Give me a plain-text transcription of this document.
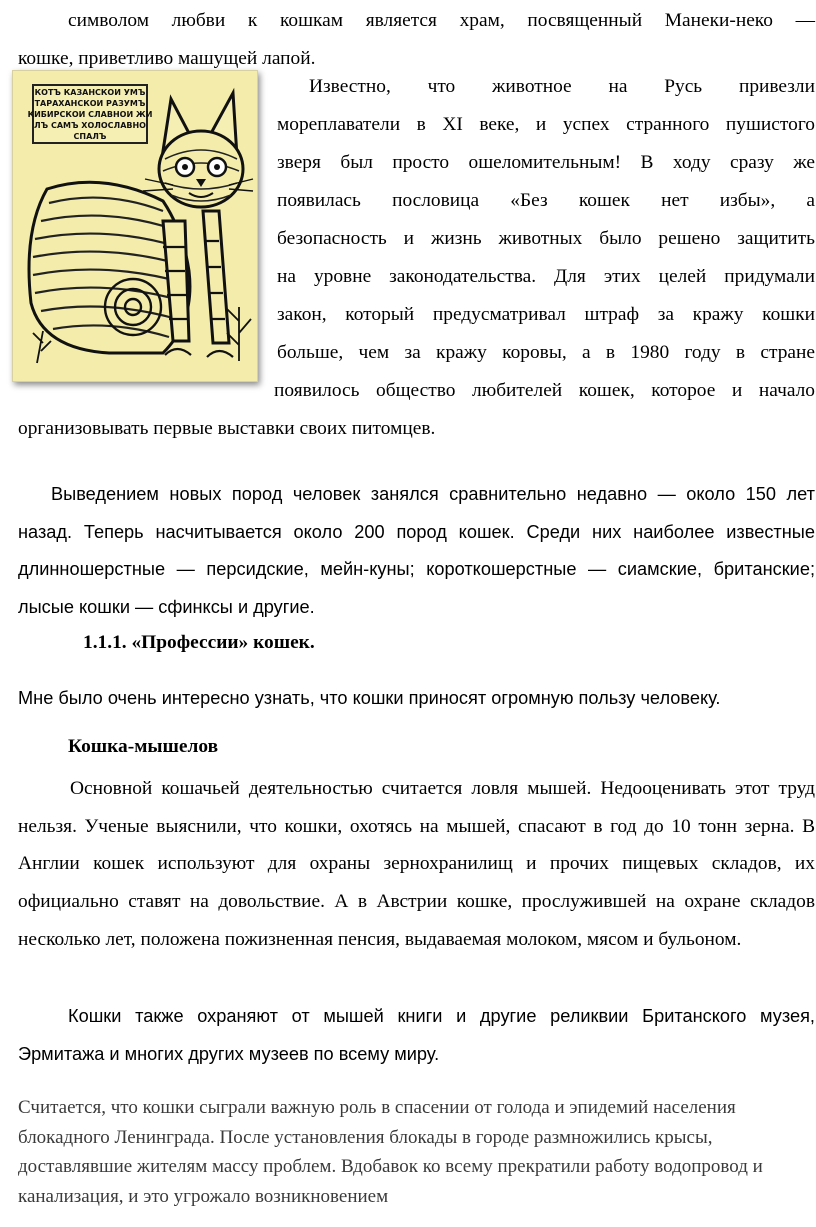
символом любви к кошкам является храм, посвященный Манеки-неко —

кошке, приветливо машущей лапой.

КОТЪ КАЗАНСКОИ УМЪ
ТАРАХАНСКОИ РАЗУМЪ
КИБИРСКОИ СЛАВНОИ ЖИ
ЛЪ САМЪ ХОЛОСЛАВНО
СПАЛЪ

Известно, что животное на Русь привезли

мореплаватели в XI веке, и успех странного пушистого

зверя был просто ошеломительным! В ходу сразу же

появилась пословица «Без кошек нет избы», а

безопасность и жизнь животных было решено защитить

на уровне законодательства. Для этих целей придумали

закон, который предусматривал штраф за кражу кошки

больше, чем за кражу коровы, а в 1980 году в стране

появилось общество любителей кошек, которое и начало

организовывать первые выставки своих питомцев.

Выведением новых пород человек занялся сравнительно недавно — около 150 лет назад. Теперь насчитывается около 200 пород кошек. Среди них наиболее известные длинношерстные — персидские, мейн-куны; короткошерстные — сиамские, британские; лысые кошки — сфинксы и другие.

1.1.1. «Профессии» кошек.

Мне было очень интересно узнать, что кошки приносят огромную пользу человеку.

Кошка-мышелов

Основной кошачьей деятельностью считается ловля мышей. Недооценивать этот труд нельзя. Ученые выяснили, что кошки, охотясь на мышей, спасают в год до 10 тонн зерна. В Англии кошек используют для охраны зернохранилищ и прочих пищевых складов, их официально ставят на довольствие. А в Австрии кошке, прослужившей на охране складов несколько лет, положена пожизненная пенсия, выдаваемая молоком, мясом и бульоном.

Кошки также охраняют от мышей книги и другие реликвии Британского музея, Эрмитажа и многих других музеев по всему миру.

Считается, что кошки сыграли важную роль в спасении от голода и эпидемий населения блокадного Ленинграда. После установления блокады в городе размножились крысы, доставлявшие жителям массу проблем. Вдобавок ко всему прекратили работу водопровод и канализация, и это угрожало возникновением
